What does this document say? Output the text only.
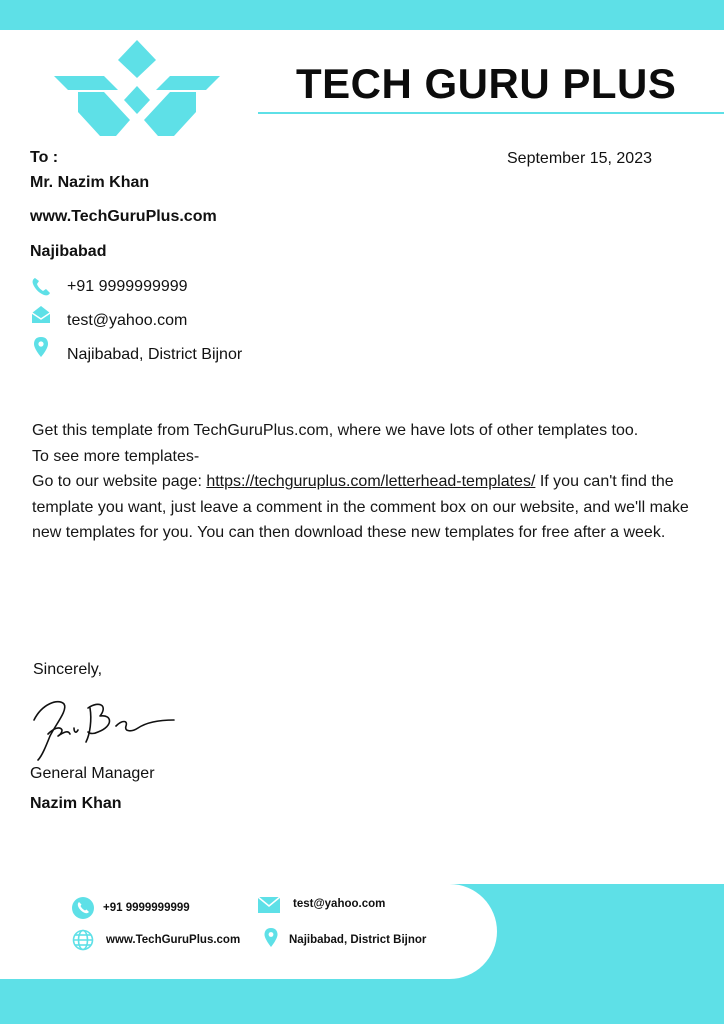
TECH GURU PLUS
To :	September 15, 2023
Mr. Nazim Khan
www.TechGuruPlus.com
Najibabad
+91 9999999999
test@yahoo.com
Najibabad, District Bijnor

Get this template from TechGuruPlus.com, where we have lots of other templates too.

To see more templates-

Go to our website page: https://techguruplus.com/letterhead-templates/ If you can't find the template you want, just leave a comment in the comment box on our website, and we'll make new templates for you. You can then download these new templates for free after a week.

Sincerely,
General Manager
Nazim Khan
+91 9999999999	test@yahoo.com
www.TechGuruPlus.com	Najibabad, District Bijnor
